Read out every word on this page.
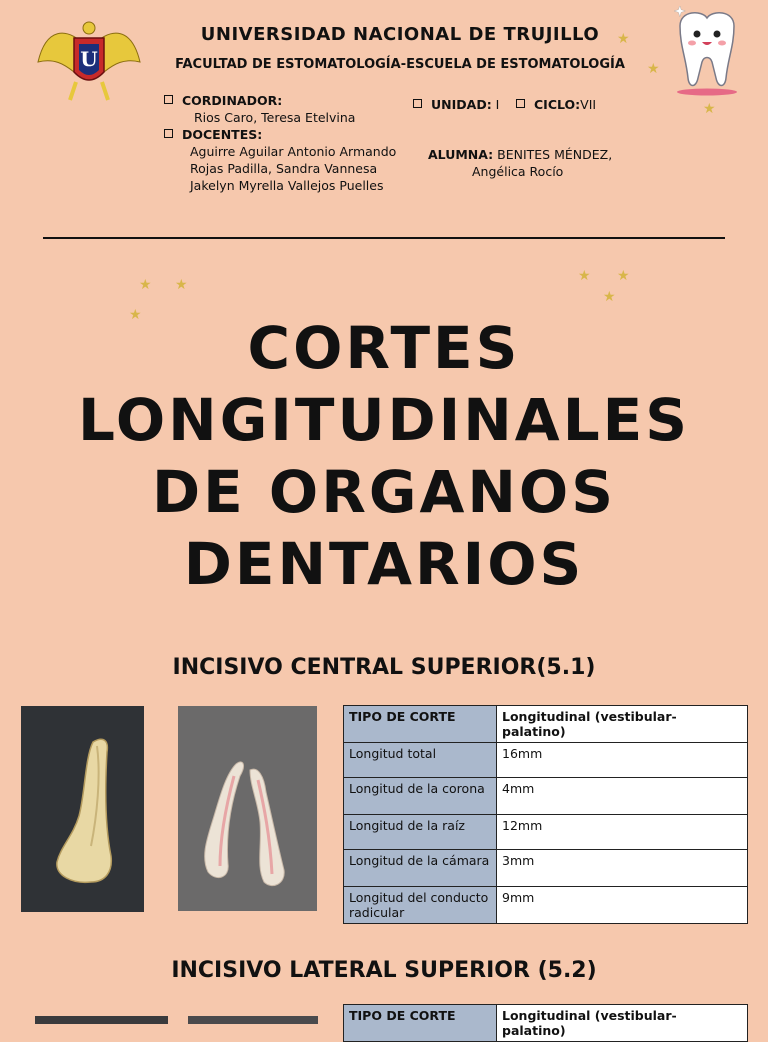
U
UNIVERSIDAD NACIONAL DE TRUJILLO
FACULTAD DE ESTOMATOLOGÍA-ESCUELA DE ESTOMATOLOGÍA
★
★
★
★ ★
★
★ ★
★
CORDINADOR:
Rios Caro, Teresa Etelvina
DOCENTES:
Aguirre Aguilar Antonio Armando
Rojas Padilla, Sandra Vannesa
Jakelyn Myrella Vallejos Puelles
UNIDAD: I	CICLO:VII
ALUMNA: BENITES MÉNDEZ,
Angélica Rocío
CORTES
LONGITUDINALES
DE ORGANOS
DENTARIOS
INCISIVO CENTRAL SUPERIOR(5.1)
TIPO DE CORTE	Longitudinal (vestibular- palatino)
Longitud total	16mm
Longitud de la corona	4mm
Longitud de la raíz	12mm
Longitud de la cámara	3mm
Longitud del conducto radicular	9mm
INCISIVO LATERAL SUPERIOR (5.2)
TIPO DE CORTE	Longitudinal (vestibular- palatino)
